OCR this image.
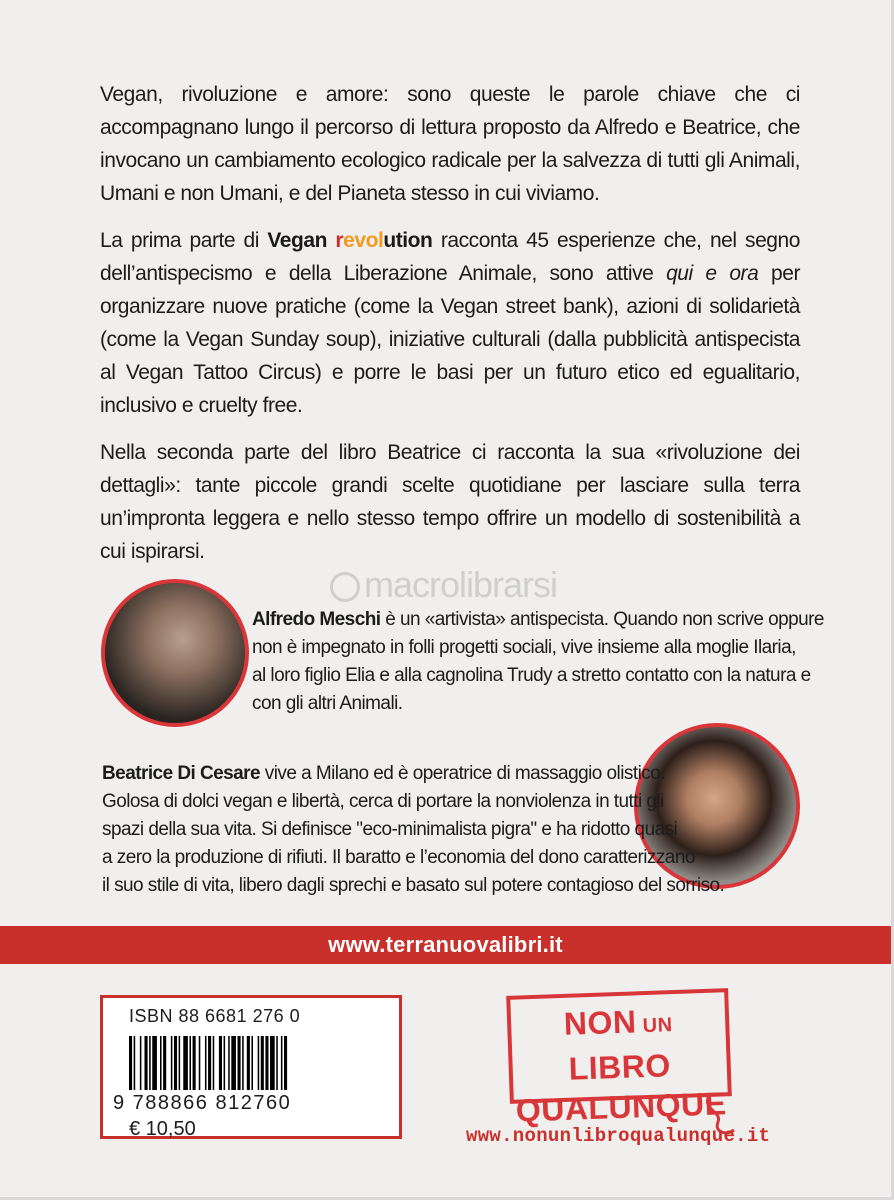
Vegan, rivoluzione e amore: sono queste le parole chiave che ci accompagnano lungo il percorso di lettura proposto da Alfredo e Beatrice, che invocano un cambiamento ecologico radicale per la salvezza di tutti gli Animali, Umani e non Umani, e del Pianeta stesso in cui viviamo.

La prima parte di Vegan revolution racconta 45 esperienze che, nel segno dell’antispecismo e della Liberazione Animale, sono attive qui e ora per organizzare nuove pratiche (come la Vegan street bank), azioni di solidarietà (come la Vegan Sunday soup), iniziative culturali (dalla pubblicità antispecista al Vegan Tattoo Circus) e porre le basi per un futuro etico ed egualitario, inclusivo e cruelty free.

Nella seconda parte del libro Beatrice ci racconta la sua «rivoluzione dei dettagli»: tante piccole grandi scelte quotidiane per lasciare sulla terra un’impronta leggera e nello stesso tempo offrire un modello di sostenibilità a cui ispirarsi.

macrolibrarsi
Alfredo Meschi è un «artivista» antispecista. Quando non scrive oppure
non è impegnato in folli progetti sociali, vive insieme alla moglie Ilaria,
al loro figlio Elia e alla cagnolina Trudy a stretto contatto con la natura e
con gli altri Animali.
Beatrice Di Cesare vive a Milano ed è operatrice di massaggio olistico.
Golosa di dolci vegan e libertà, cerca di portare la nonviolenza in tutti gli
spazi della sua vita. Si definisce "eco-minimalista pigra" e ha ridotto quasi
a zero la produzione di rifiuti. Il baratto e l’economia del dono caratterizzano
il suo stile di vita, libero dagli sprechi e basato sul potere contagioso del sorriso.
www.terranuovalibri.it
ISBN 88 6681 276 0
9 788866 812760
€ 10,50
NON UN LIBRO
QUALUNQUE
www.nonunlibroqualunque.it
